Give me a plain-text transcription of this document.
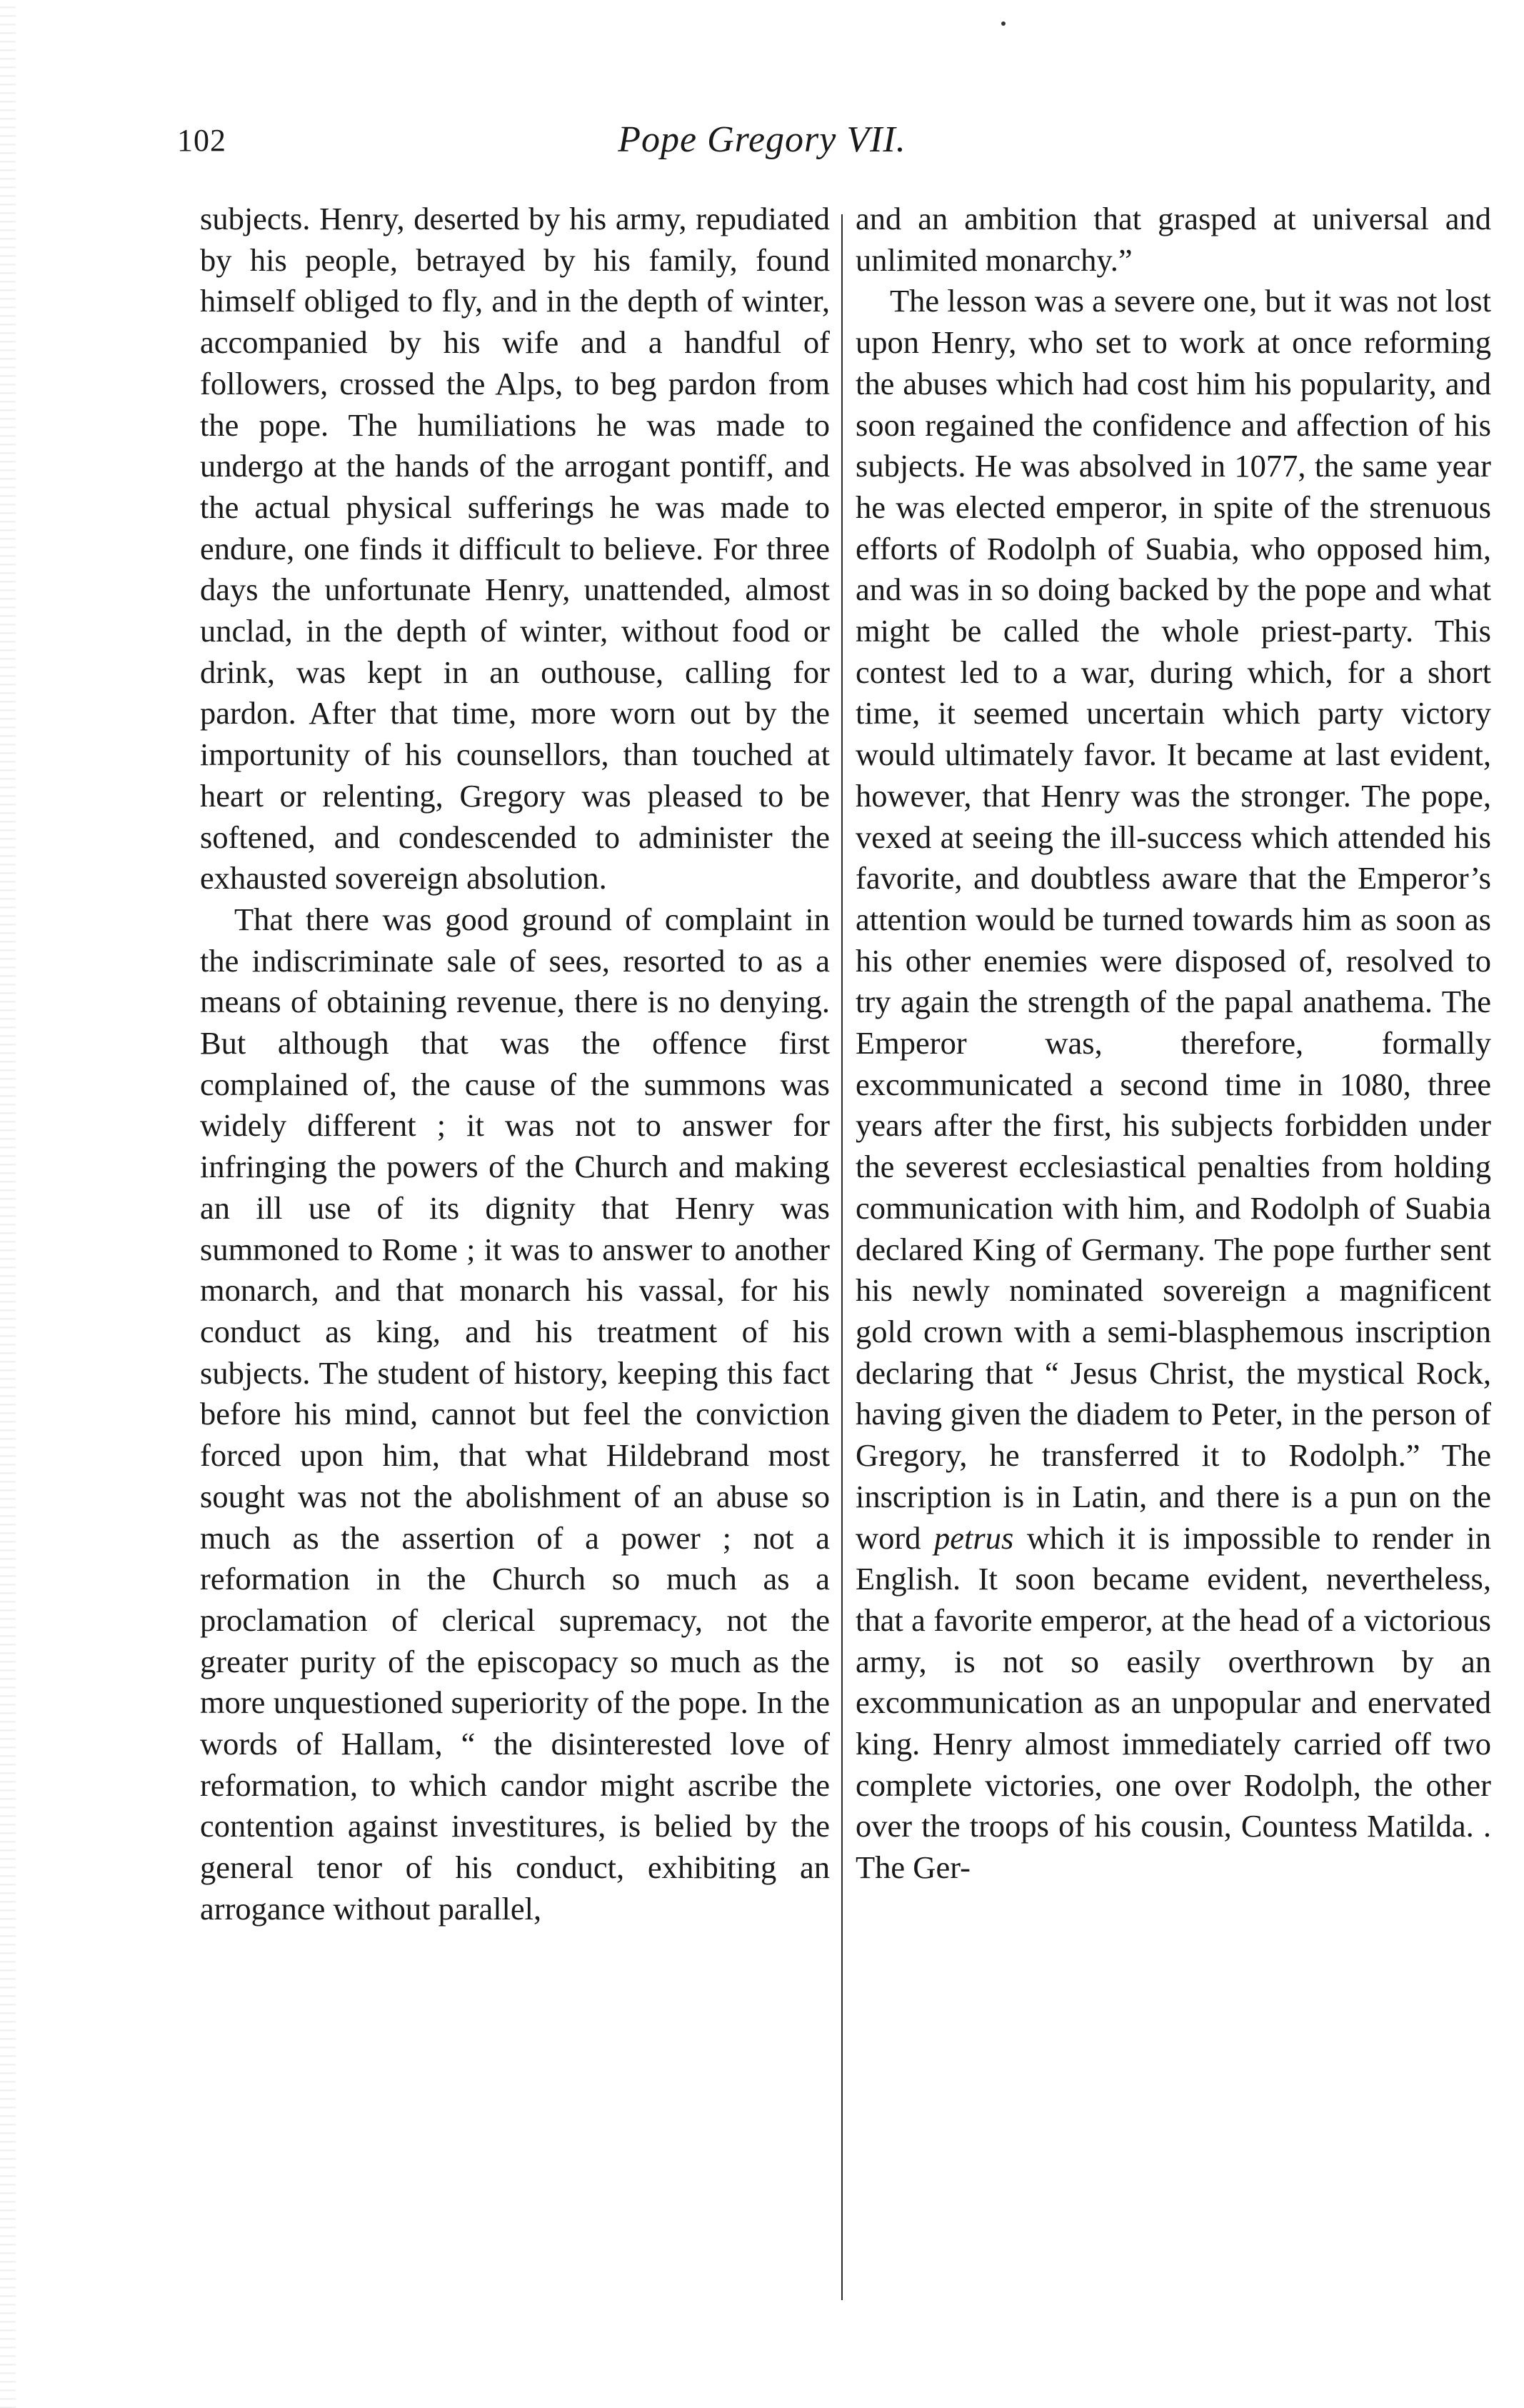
102	Pope Gregory VII.

subjects. Henry, deserted by his army, repudiated by his people, betrayed by his family, found himself obliged to fly, and in the depth of winter, accompanied by his wife and a handful of followers, crossed the Alps, to beg pardon from the pope. The humiliations he was made to undergo at the hands of the arrogant pontiff, and the actual physical sufferings he was made to endure, one finds it difficult to believe. For three days the unfortunate Henry, unattended, almost unclad, in the depth of winter, without food or drink, was kept in an outhouse, calling for pardon. After that time, more worn out by the importunity of his counsellors, than touched at heart or relenting, Gregory was pleased to be softened, and condescended to administer the exhausted sovereign absolution.

That there was good ground of complaint in the indiscriminate sale of sees, resorted to as a means of obtaining revenue, there is no denying. But although that was the offence first complained of, the cause of the summons was widely different ; it was not to answer for infringing the powers of the Church and making an ill use of its dignity that Henry was summoned to Rome ; it was to answer to another monarch, and that monarch his vassal, for his conduct as king, and his treatment of his subjects. The student of history, keeping this fact before his mind, cannot but feel the conviction forced upon him, that what Hildebrand most sought was not the abolishment of an abuse so much as the assertion of a power ; not a reformation in the Church so much as a proclamation of clerical supremacy, not the greater purity of the episcopacy so much as the more unquestioned superiority of the pope. In the words of Hallam, “ the disinterested love of reformation, to which candor might ascribe the contention against investitures, is belied by the general tenor of his conduct, exhibiting an arrogance without parallel,

and an ambition that grasped at universal and unlimited monarchy.”

The lesson was a severe one, but it was not lost upon Henry, who set to work at once reforming the abuses which had cost him his popularity, and soon regained the confidence and affection of his subjects. He was absolved in 1077, the same year he was elected emperor, in spite of the strenuous efforts of Rodolph of Suabia, who opposed him, and was in so doing backed by the pope and what might be called the whole priest-party. This contest led to a war, during which, for a short time, it seemed uncertain which party victory would ultimately favor. It became at last evident, however, that Henry was the stronger. The pope, vexed at seeing the ill-success which attended his favorite, and doubtless aware that the Emperor’s attention would be turned towards him as soon as his other enemies were disposed of, resolved to try again the strength of the papal anathema. The Emperor was, therefore, formally excommunicated a second time in 1080, three years after the first, his subjects forbidden under the severest ecclesiastical penalties from holding communication with him, and Rodolph of Suabia declared King of Germany. The pope further sent his newly nominated sovereign a magnificent gold crown with a semi-blasphemous inscription declaring that “ Jesus Christ, the mystical Rock, having given the diadem to Peter, in the person of Gregory, he transferred it to Rodolph.” The inscription is in Latin, and there is a pun on the word petrus which it is impossible to render in English. It soon became evident, nevertheless, that a favorite emperor, at the head of a victorious army, is not so easily overthrown by an excommunication as an unpopular and enervated king. Henry almost immediately carried off two complete victories, one over Rodolph, the other over the troops of his cousin, Countess Matilda. . The Ger-
